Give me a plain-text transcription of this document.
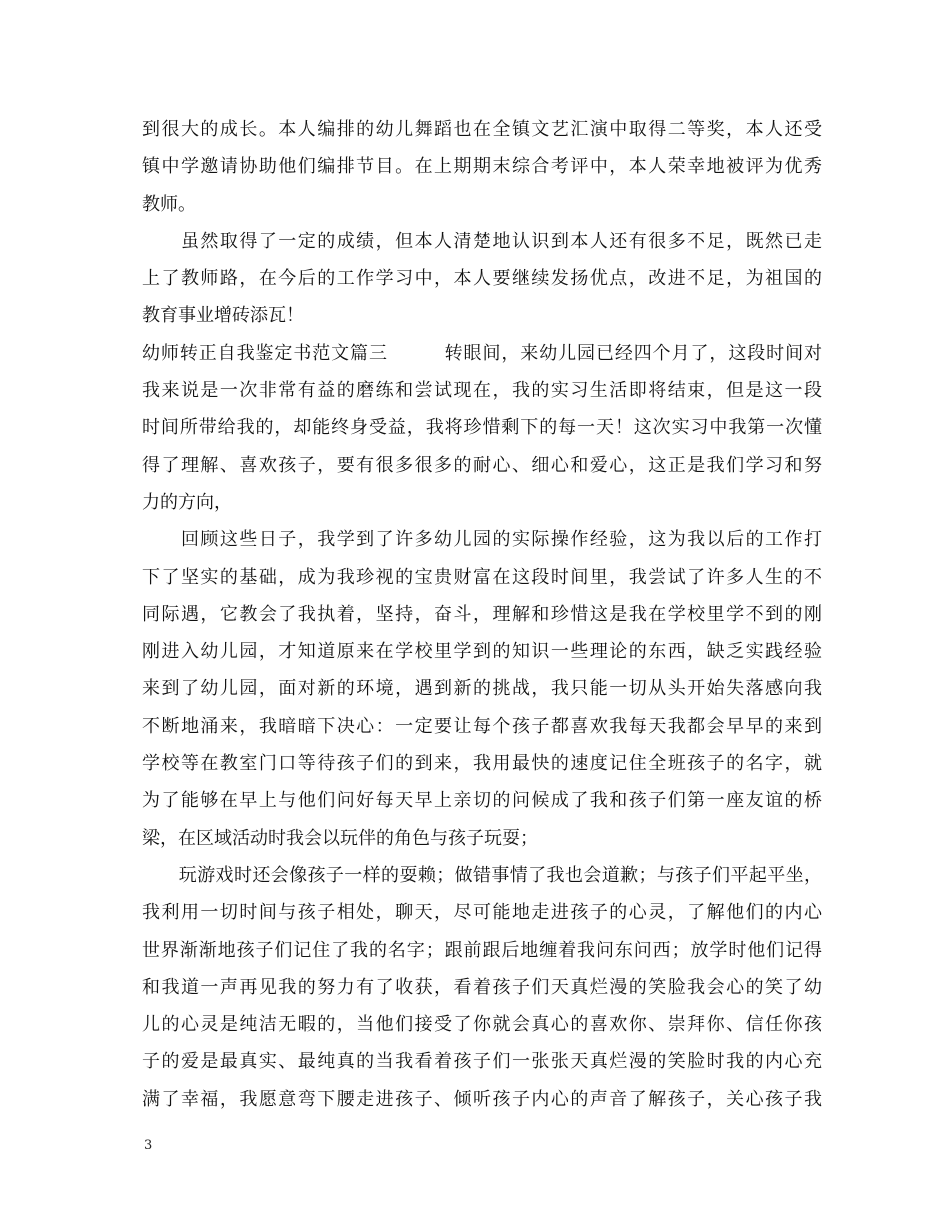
到很大的成长。本人编排的幼儿舞蹈也在全镇文艺汇演中取得二等奖，本人还受
镇中学邀请协助他们编排节目。在上期期末综合考评中，本人荣幸地被评为优秀
教师。
　　虽然取得了一定的成绩，但本人清楚地认识到本人还有很多不足，既然已走
上了教师路，在今后的工作学习中，本人要继续发扬优点，改进不足，为祖国的
教育事业增砖添瓦！
幼师转正自我鉴定书范文篇三　　　转眼间，来幼儿园已经四个月了，这段时间对
我来说是一次非常有益的磨练和尝试现在，我的实习生活即将结束，但是这一段
时间所带给我的，却能终身受益，我将珍惜剩下的每一天！这次实习中我第一次懂
得了理解、喜欢孩子，要有很多很多的耐心、细心和爱心，这正是我们学习和努
力的方向，
　　回顾这些日子，我学到了许多幼儿园的实际操作经验，这为我以后的工作打
下了坚实的基础，成为我珍视的宝贵财富在这段时间里，我尝试了许多人生的不
同际遇，它教会了我执着，坚持，奋斗，理解和珍惜这是我在学校里学不到的刚
刚进入幼儿园，才知道原来在学校里学到的知识一些理论的东西，缺乏实践经验
来到了幼儿园，面对新的环境，遇到新的挑战，我只能一切从头开始失落感向我
不断地涌来，我暗暗下决心：一定要让每个孩子都喜欢我每天我都会早早的来到
学校等在教室门口等待孩子们的到来，我用最快的速度记住全班孩子的名字，就
为了能够在早上与他们问好每天早上亲切的问候成了我和孩子们第一座友谊的桥
梁，在区域活动时我会以玩伴的角色与孩子玩耍；
　　玩游戏时还会像孩子一样的耍赖；做错事情了我也会道歉；与孩子们平起平坐，
我利用一切时间与孩子相处，聊天，尽可能地走进孩子的心灵，了解他们的内心
世界渐渐地孩子们记住了我的名字；跟前跟后地缠着我问东问西；放学时他们记得
和我道一声再见我的努力有了收获，看着孩子们天真烂漫的笑脸我会心的笑了幼
儿的心灵是纯洁无暇的，当他们接受了你就会真心的喜欢你、崇拜你、信任你孩
子的爱是最真实、最纯真的当我看着孩子们一张张天真烂漫的笑脸时我的内心充
满了幸福，我愿意弯下腰走进孩子、倾听孩子内心的声音了解孩子，关心孩子我
3
